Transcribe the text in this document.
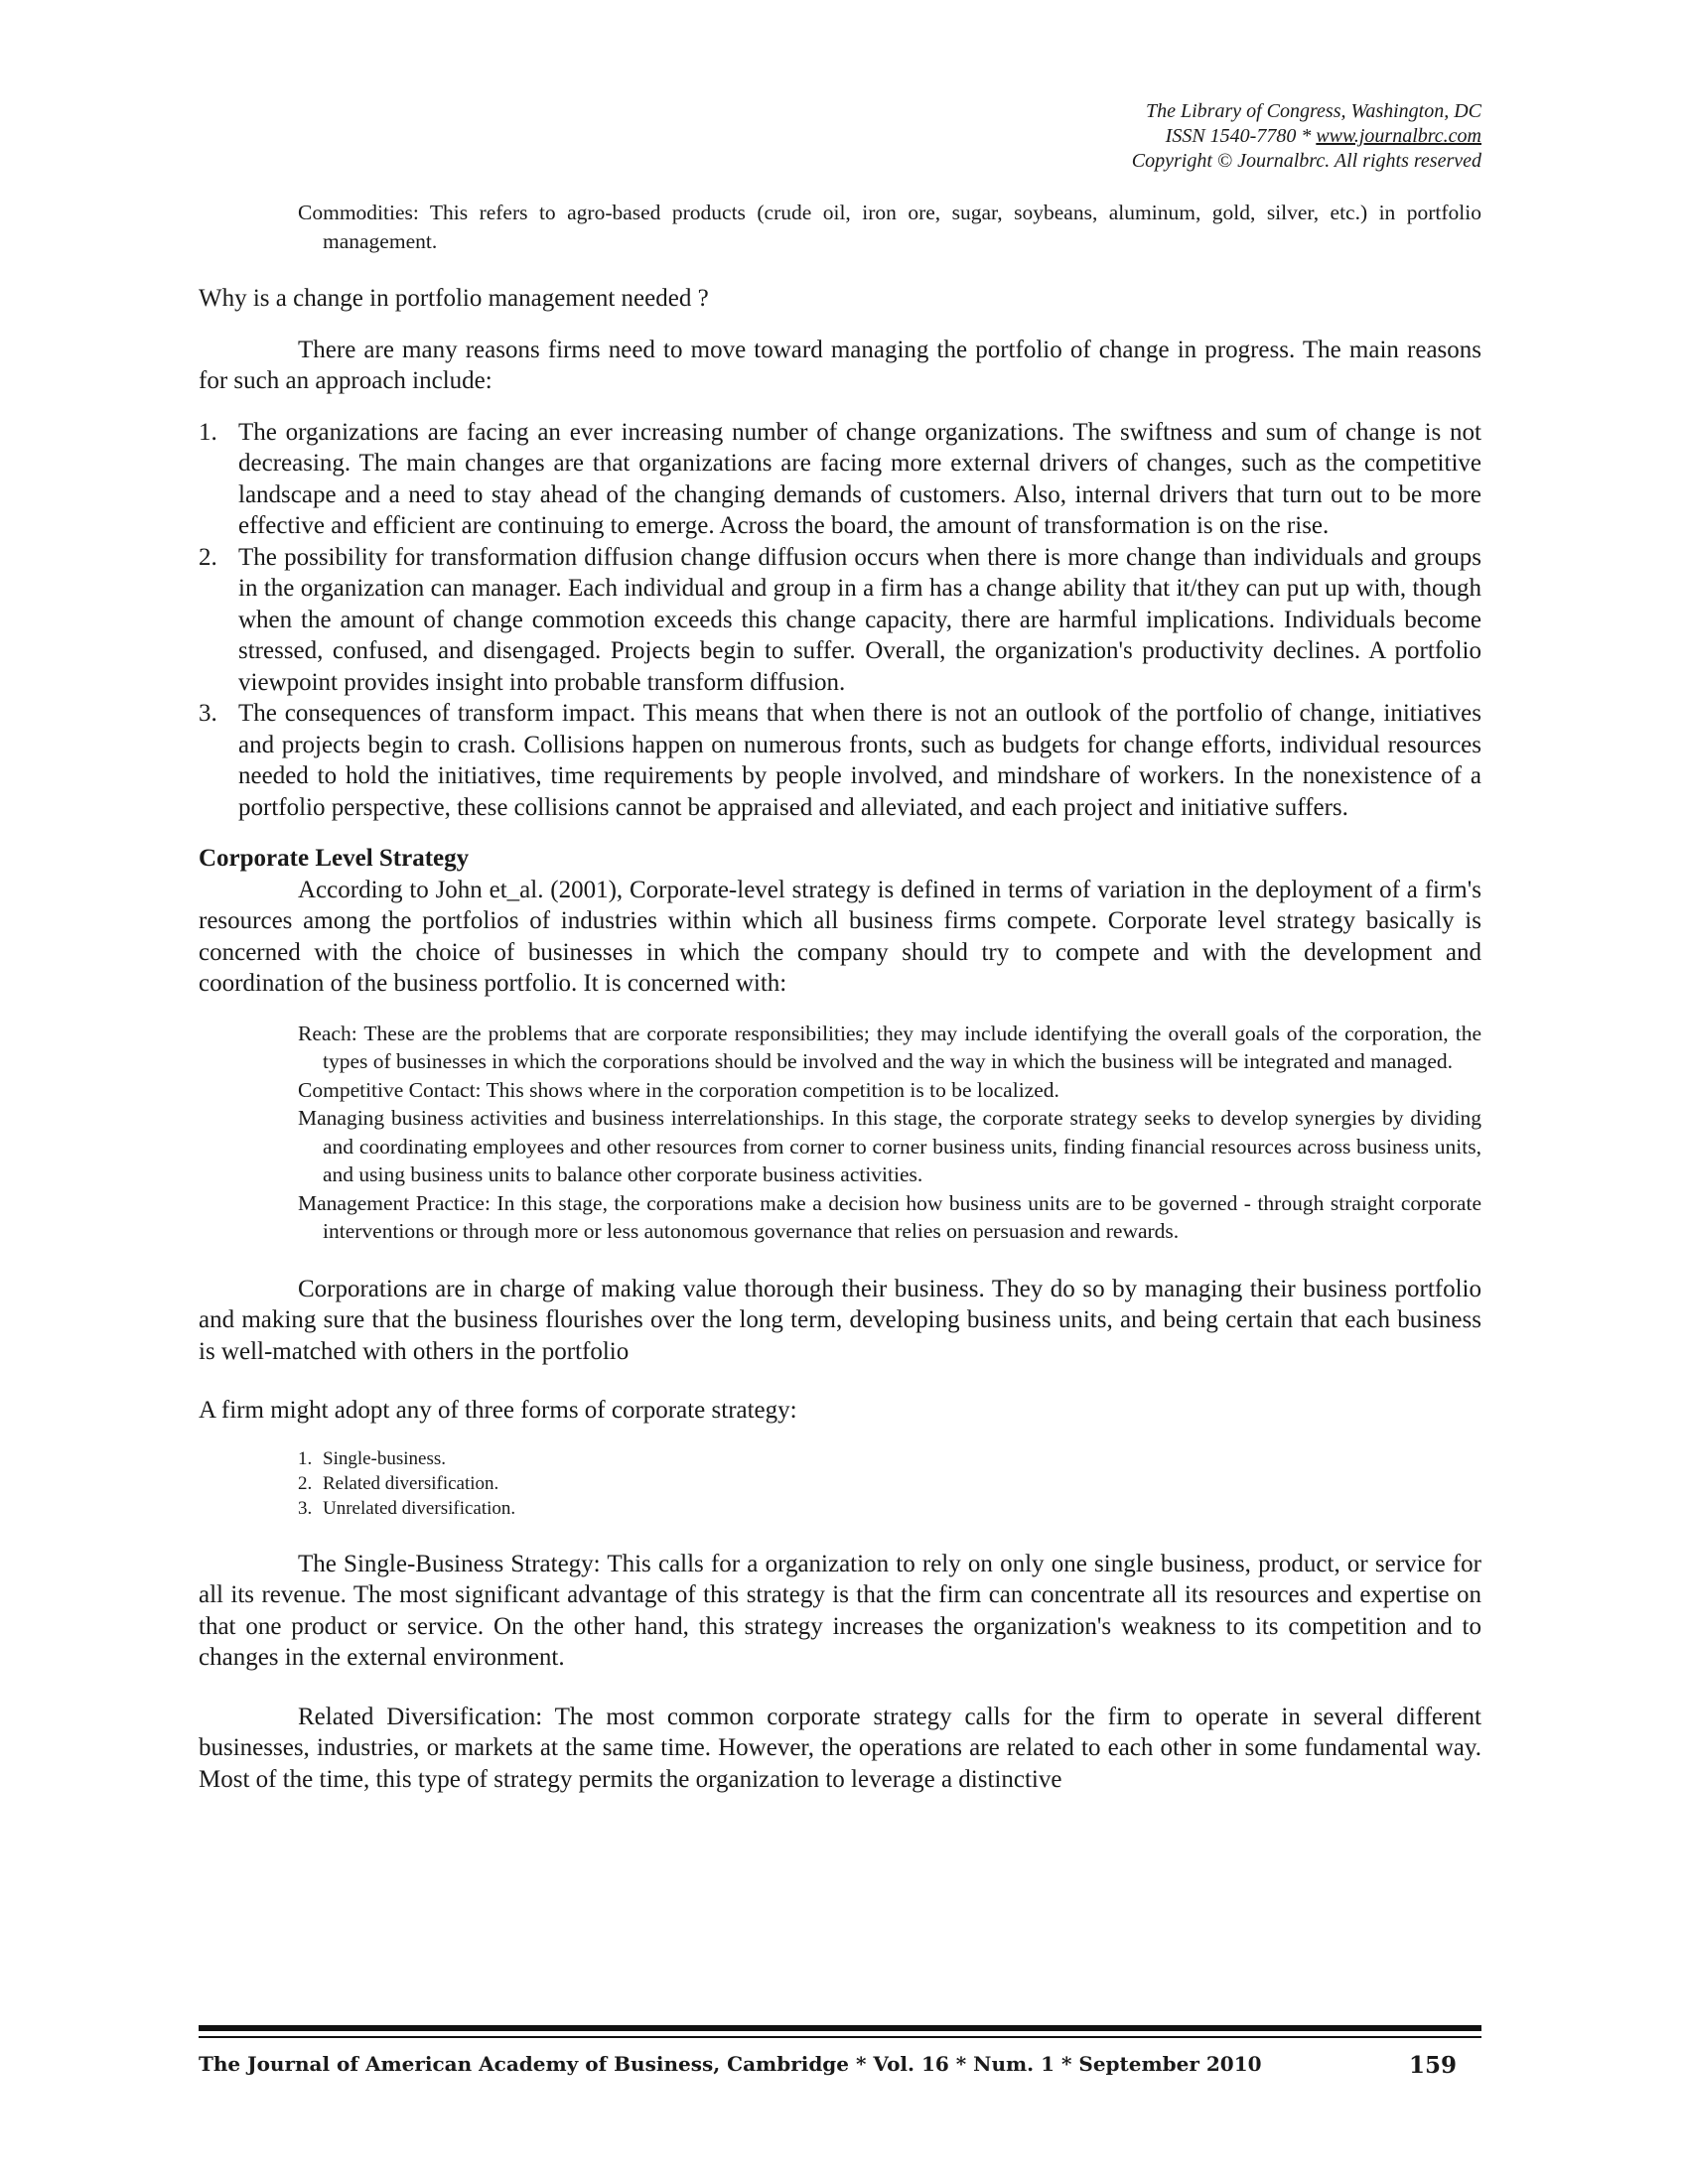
The Library of Congress, Washington, DC
ISSN 1540-7780 * www.journalbrc.com
Copyright © Journalbrc. All rights reserved

Commodities: This refers to agro-based products (crude oil, iron ore, sugar, soybeans, aluminum, gold, silver, etc.) in portfolio management.

Why is a change in portfolio management needed ?

There are many reasons firms need to move toward managing the portfolio of change in progress. The main reasons for such an approach include:

1. The organizations are facing an ever increasing number of change organizations. The swiftness and sum of change is not decreasing. The main changes are that organizations are facing more external drivers of changes, such as the competitive landscape and a need to stay ahead of the changing demands of customers. Also, internal drivers that turn out to be more effective and efficient are continuing to emerge. Across the board, the amount of transformation is on the rise.
2. The possibility for transformation diffusion change diffusion occurs when there is more change than individuals and groups in the organization can manager. Each individual and group in a firm has a change ability that it/they can put up with, though when the amount of change commotion exceeds this change capacity, there are harmful implications. Individuals become stressed, confused, and disengaged. Projects begin to suffer. Overall, the organization's productivity declines. A portfolio viewpoint provides insight into probable transform diffusion.
3. The consequences of transform impact. This means that when there is not an outlook of the portfolio of change, initiatives and projects begin to crash. Collisions happen on numerous fronts, such as budgets for change efforts, individual resources needed to hold the initiatives, time requirements by people involved, and mindshare of workers. In the nonexistence of a portfolio perspective, these collisions cannot be appraised and alleviated, and each project and initiative suffers.

Corporate Level Strategy

According to John et_al. (2001), Corporate-level strategy is defined in terms of variation in the deployment of a firm's resources among the portfolios of industries within which all business firms compete. Corporate level strategy basically is concerned with the choice of businesses in which the company should try to compete and with the development and coordination of the business portfolio. It is concerned with:

Reach: These are the problems that are corporate responsibilities; they may include identifying the overall goals of the corporation, the types of businesses in which the corporations should be involved and the way in which the business will be integrated and managed.

Competitive Contact: This shows where in the corporation competition is to be localized.

Managing business activities and business interrelationships. In this stage, the corporate strategy seeks to develop synergies by dividing and coordinating employees and other resources from corner to corner business units, finding financial resources across business units, and using business units to balance other corporate business activities.

Management Practice: In this stage, the corporations make a decision how business units are to be governed - through straight corporate interventions or through more or less autonomous governance that relies on persuasion and rewards.

Corporations are in charge of making value thorough their business. They do so by managing their business portfolio and making sure that the business flourishes over the long term, developing business units, and being certain that each business is well-matched with others in the portfolio

A firm might adopt any of three forms of corporate strategy:

1. Single-business.
2. Related diversification.
3. Unrelated diversification.

The Single-Business Strategy: This calls for a organization to rely on only one single business, product, or service for all its revenue. The most significant advantage of this strategy is that the firm can concentrate all its resources and expertise on that one product or service. On the other hand, this strategy increases the organization's weakness to its competition and to changes in the external environment.

Related Diversification: The most common corporate strategy calls for the firm to operate in several different businesses, industries, or markets at the same time. However, the operations are related to each other in some fundamental way. Most of the time, this type of strategy permits the organization to leverage a distinctive

The Journal of American Academy of Business, Cambridge * Vol. 16 * Num. 1 * September 2010	159
